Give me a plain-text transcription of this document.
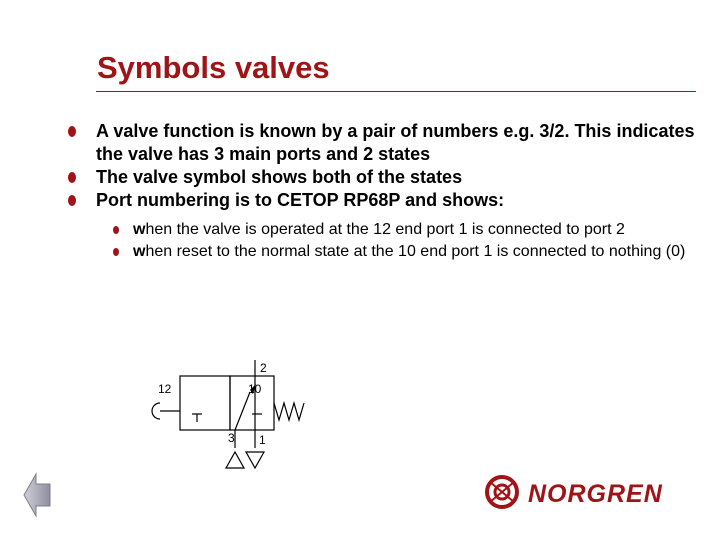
Symbols valves
A valve function is known by a pair of numbers e.g. 3/2. This indicates the valve has 3 main ports and 2 states
The valve symbol shows both of the states
Port numbering is to CETOP RP68P and shows:
when the valve is operated at the 12 end port 1 is connected to port 2
when reset to the normal state at the 10 end port 1 is connected to nothing (0)
2
12	10
3 1
NORGREN
